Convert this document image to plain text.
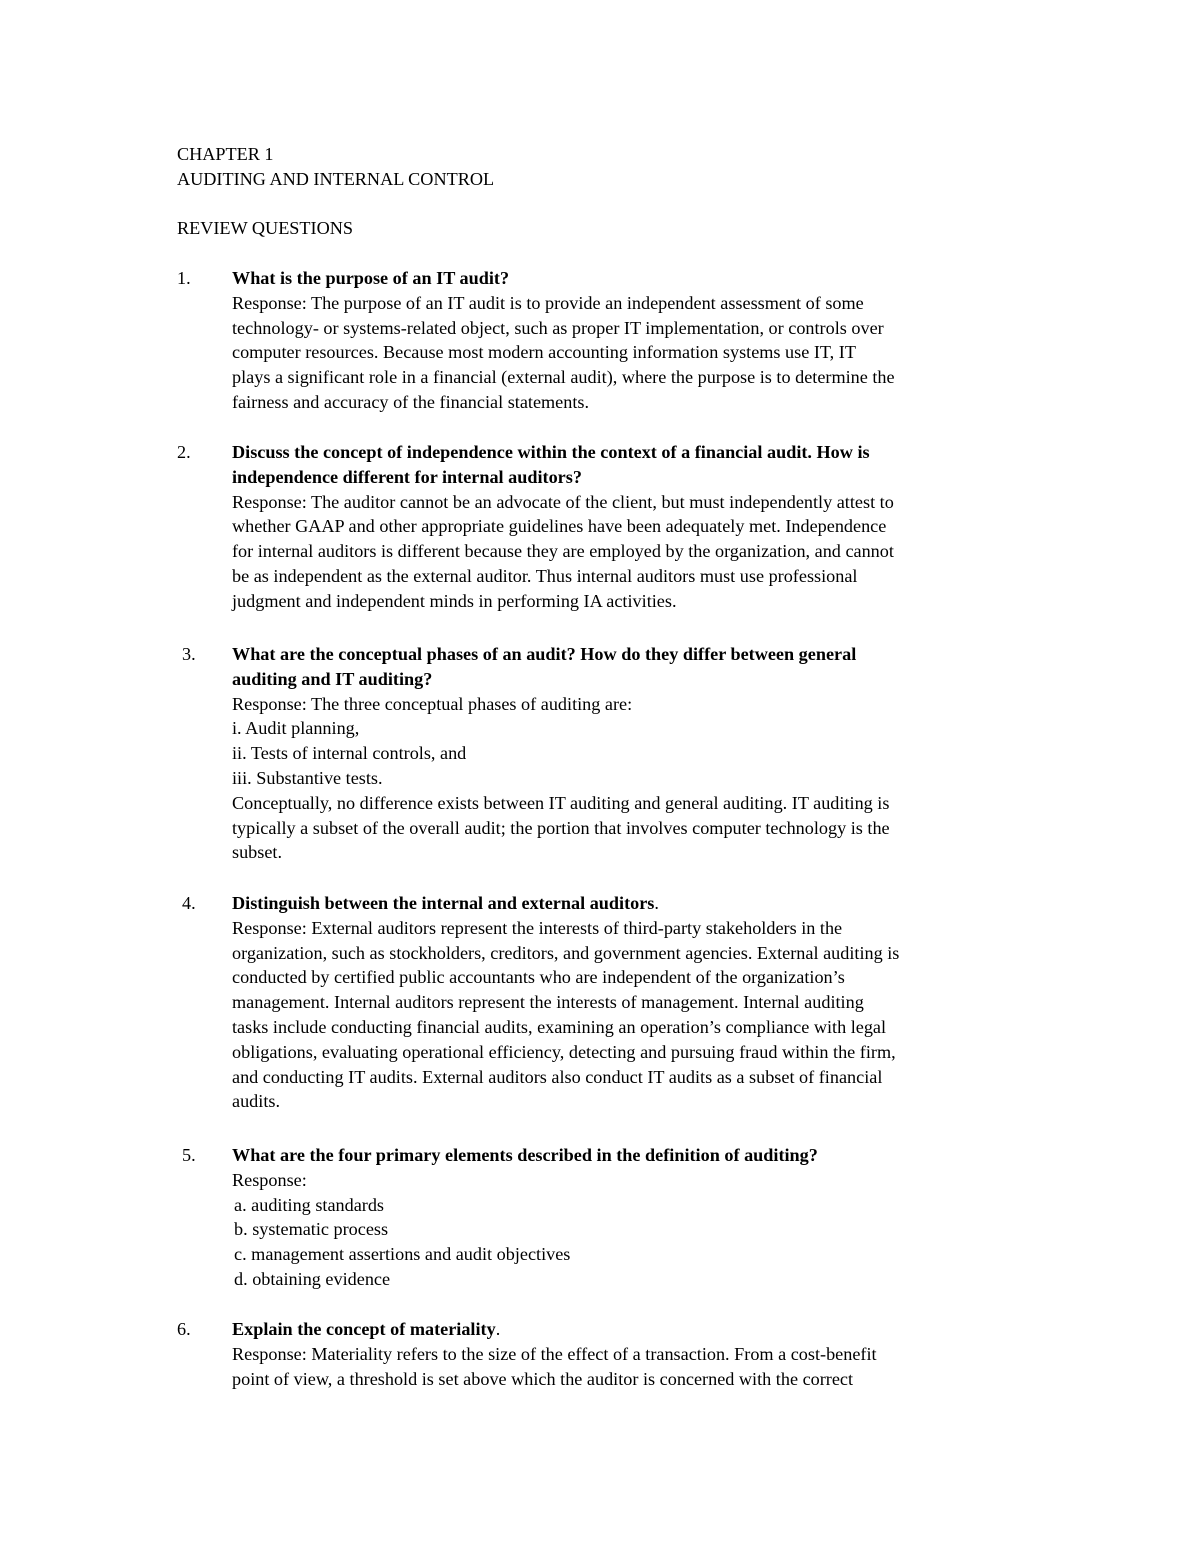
CHAPTER 1
AUDITING AND INTERNAL CONTROL
REVIEW QUESTIONS
1. What is the purpose of an IT audit?
Response: The purpose of an IT audit is to provide an independent assessment of some
technology- or systems-related object, such as proper IT implementation, or controls over
computer resources. Because most modern accounting information systems use IT, IT
plays a significant role in a financial (external audit), where the purpose is to determine the
fairness and accuracy of the financial statements.
2. Discuss the concept of independence within the context of a financial audit. How is
independence different for internal auditors?
Response: The auditor cannot be an advocate of the client, but must independently attest to
whether GAAP and other appropriate guidelines have been adequately met. Independence
for internal auditors is different because they are employed by the organization, and cannot
be as independent as the external auditor. Thus internal auditors must use professional
judgment and independent minds in performing IA activities.
3. What are the conceptual phases of an audit? How do they differ between general
auditing and IT auditing?
Response: The three conceptual phases of auditing are:
i. Audit planning,
ii. Tests of internal controls, and
iii. Substantive tests.
Conceptually, no difference exists between IT auditing and general auditing. IT auditing is
typically a subset of the overall audit; the portion that involves computer technology is the
subset.
4. Distinguish between the internal and external auditors.
Response: External auditors represent the interests of third-party stakeholders in the
organization, such as stockholders, creditors, and government agencies. External auditing is
conducted by certified public accountants who are independent of the organization’s
management. Internal auditors represent the interests of management. Internal auditing
tasks include conducting financial audits, examining an operation’s compliance with legal
obligations, evaluating operational efficiency, detecting and pursuing fraud within the firm,
and conducting IT audits. External auditors also conduct IT audits as a subset of financial
audits.
5. What are the four primary elements described in the definition of auditing?
Response:
a. auditing standards
b. systematic process
c. management assertions and audit objectives
d. obtaining evidence
6. Explain the concept of materiality.
Response: Materiality refers to the size of the effect of a transaction. From a cost-benefit
point of view, a threshold is set above which the auditor is concerned with the correct
